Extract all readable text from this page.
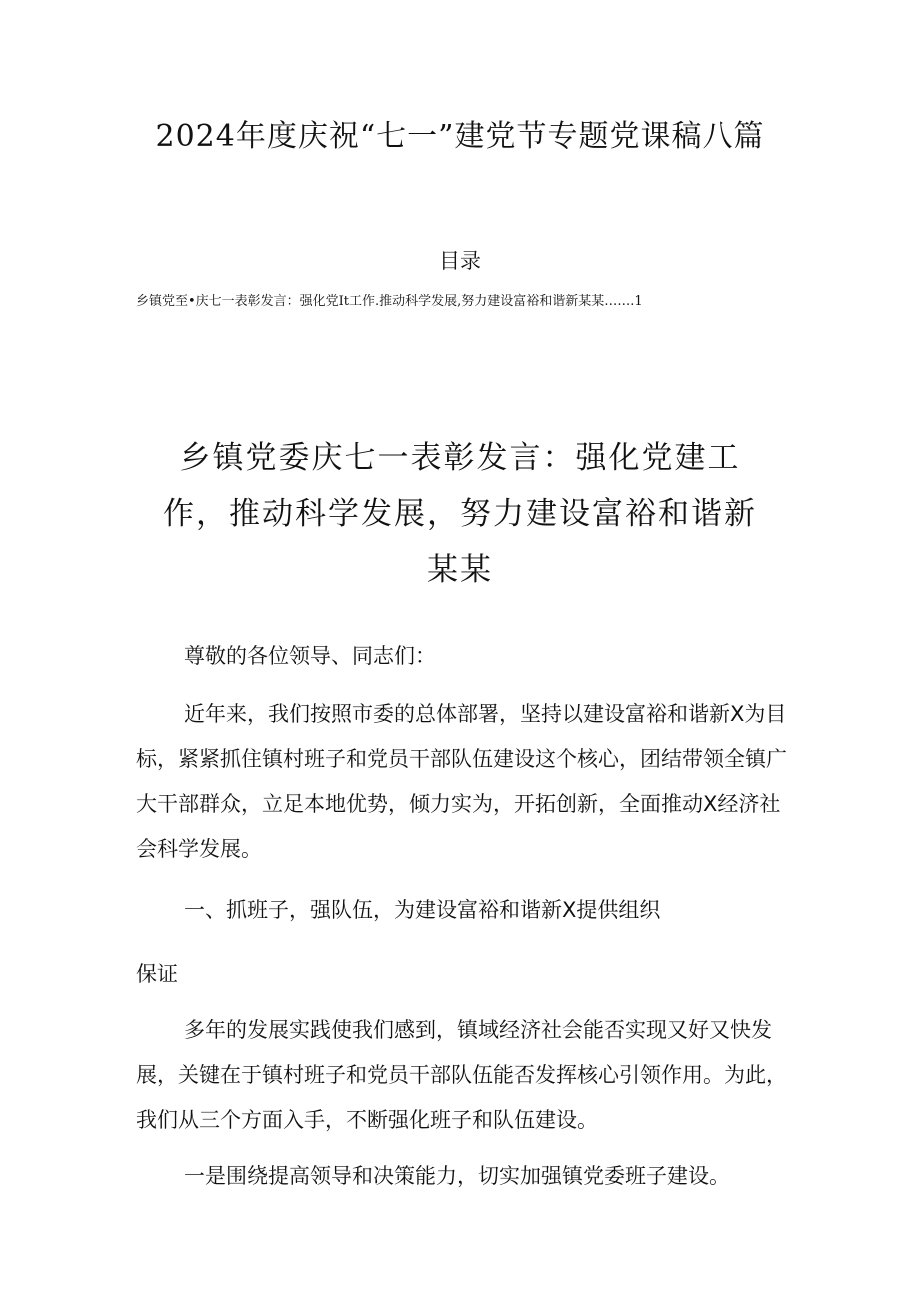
2024年度庆祝“七一”建党节专题党课稿八篇
目录
乡镇党至•庆七一表彰发言：强化党It工作.推动科学发展,努力建设富裕和谐新某某…….1
乡镇党委庆七一表彰发言：强化党建工作，推动科学发展，努力建设富裕和谐新某某

尊敬的各位领导、同志们：

近年来，我们按照市委的总体部署，坚持以建设富裕和谐新X为目标，紧紧抓住镇村班子和党员干部队伍建设这个核心，团结带领全镇广大干部群众，立足本地优势，倾力实为，开拓创新，全面推动X经济社会科学发展。

一、抓班子，强队伍，为建设富裕和谐新X提供组织

保证

多年的发展实践使我们感到，镇域经济社会能否实现又好又快发展，关键在于镇村班子和党员干部队伍能否发挥核心引领作用。为此，我们从三个方面入手，不断强化班子和队伍建设。

一是围绕提高领导和决策能力，切实加强镇党委班子建设。
